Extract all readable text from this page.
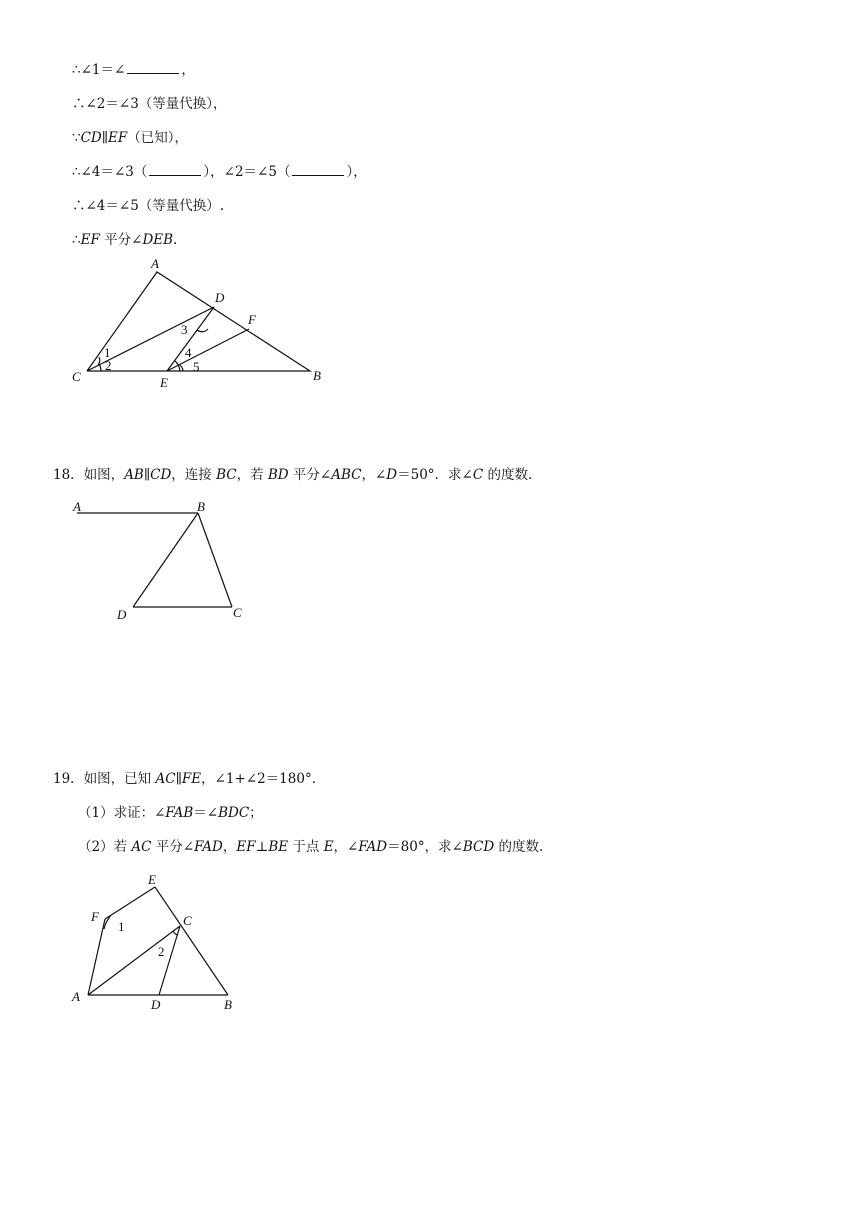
∴∠1＝∠	，
∴∠2＝∠3（等量代换），
∵CD∥EF（已知），
∴∠4＝∠3（	），∠2＝∠5（	），
∴∠4＝∠5（等量代换）.
∴EF 平分∠DEB.
A
B
C
D
E
F
1
2
3
4
5
18．如图，AB∥CD，连接 BC，若 BD 平分∠ABC，∠D＝50°．求∠C 的度数.
A	B
C
D
19．如图，已知 AC∥FE，∠1+∠2＝180°．
（1）求证：∠FAB＝∠BDC；
（2）若 AC 平分∠FAD，EF⊥BE 于点 E，∠FAD＝80°，求∠BCD 的度数.
A
B
C
D
E
F
1
2
